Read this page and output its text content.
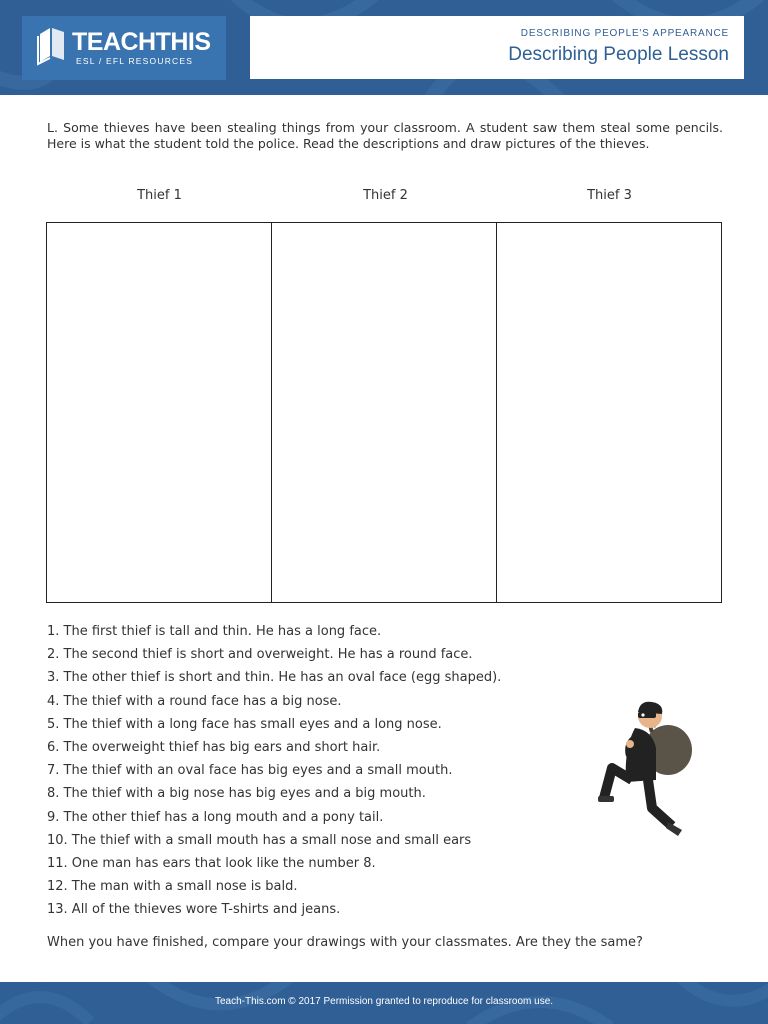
TEACHTHIS
ESL / EFL RESOURCES
DESCRIBING PEOPLE'S APPEARANCE
Describing People Lesson
L. Some thieves have been stealing things from your classroom. A student saw them steal some pencils. Here is what the student told the police. Read the descriptions and draw pictures of the thieves.
Thief 1	Thief 2	Thief 3
1. The first thief is tall and thin. He has a long face.
2. The second thief is short and overweight. He has a round face.
3. The other thief is short and thin. He has an oval face (egg shaped).
4. The thief with a round face has a big nose.
5. The thief with a long face has small eyes and a long nose.
6. The overweight thief has big ears and short hair.
7. The thief with an oval face has big eyes and a small mouth.
8. The thief with a big nose has big eyes and a big mouth.
9. The other thief has a long mouth and a pony tail.
10. The thief with a small mouth has a small nose and small ears
11. One man has ears that look like the number 8.
12. The man with a small nose is bald.
13. All of the thieves wore T-shirts and jeans.
When you have finished, compare your drawings with your classmates. Are they the same?
Teach-This.com © 2017 Permission granted to reproduce for classroom use.
